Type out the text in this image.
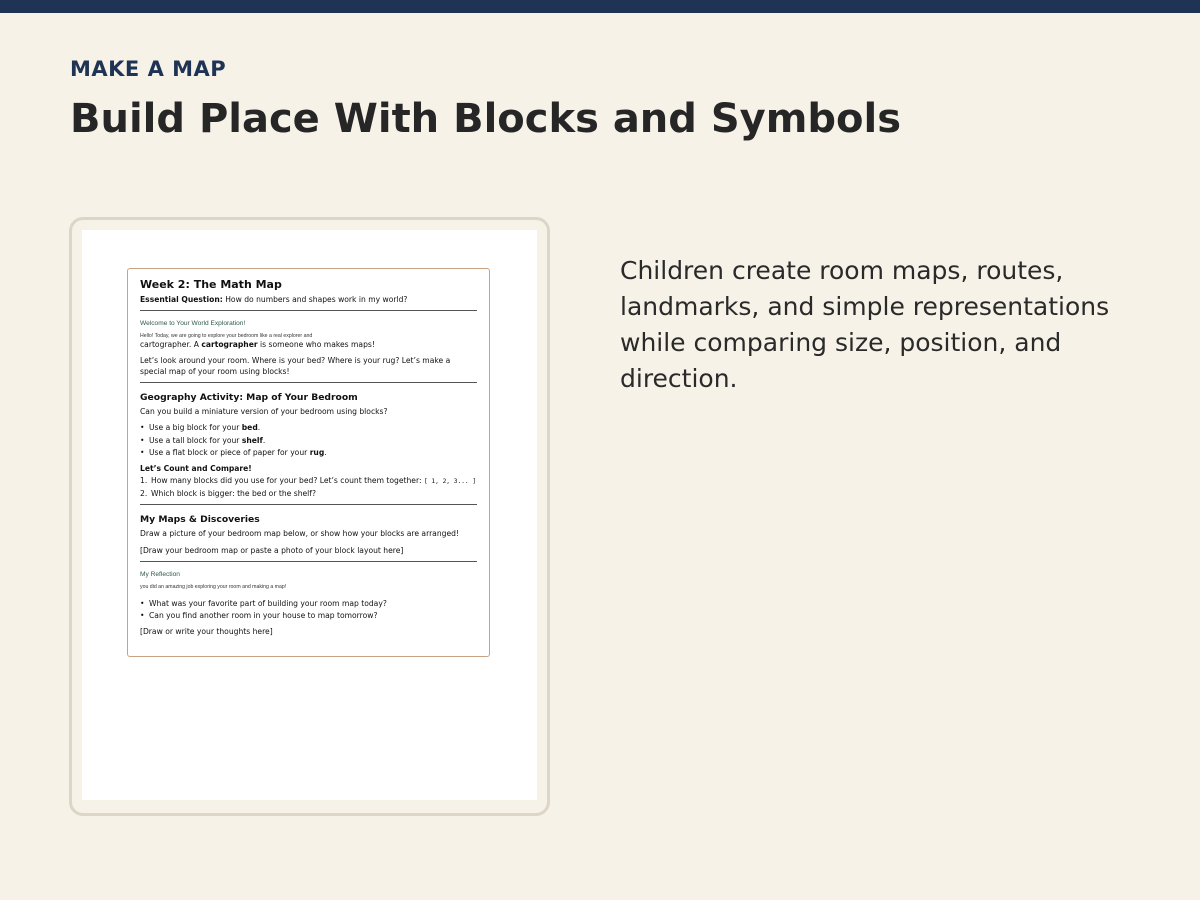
MAKE A MAP
Build Place With Blocks and Symbols
Week 2: The Math Map

Essential Question: How do numbers and shapes work in my world?

Welcome to Your World Exploration!

Hello! Today, we are going to explore your bedroom like a real explorer and

cartographer. A cartographer is someone who makes maps!

Let’s look around your room. Where is your bed? Where is your rug? Let’s make a special map of your room using blocks!

Geography Activity: Map of Your Bedroom

Can you build a miniature version of your bedroom using blocks?

• Use a big block for your bed.
• Use a tall block for your shelf.
• Use a flat block or piece of paper for your rug.
Let’s Count and Compare!
1. How many blocks did you use for your bed? Let’s count them together: [ 1, 2, 3... ]
2. Which block is bigger: the bed or the shelf?
My Maps & Discoveries

Draw a picture of your bedroom map below, or show how your blocks are arranged!

[Draw your bedroom map or paste a photo of your block layout here]

My Reflection

you did an amazing job exploring your room and making a map!

• What was your favorite part of building your room map today?
• Can you find another room in your house to map tomorrow?

[Draw or write your thoughts here]

Children create room maps, routes, landmarks, and simple representations while comparing size, position, and direction.
